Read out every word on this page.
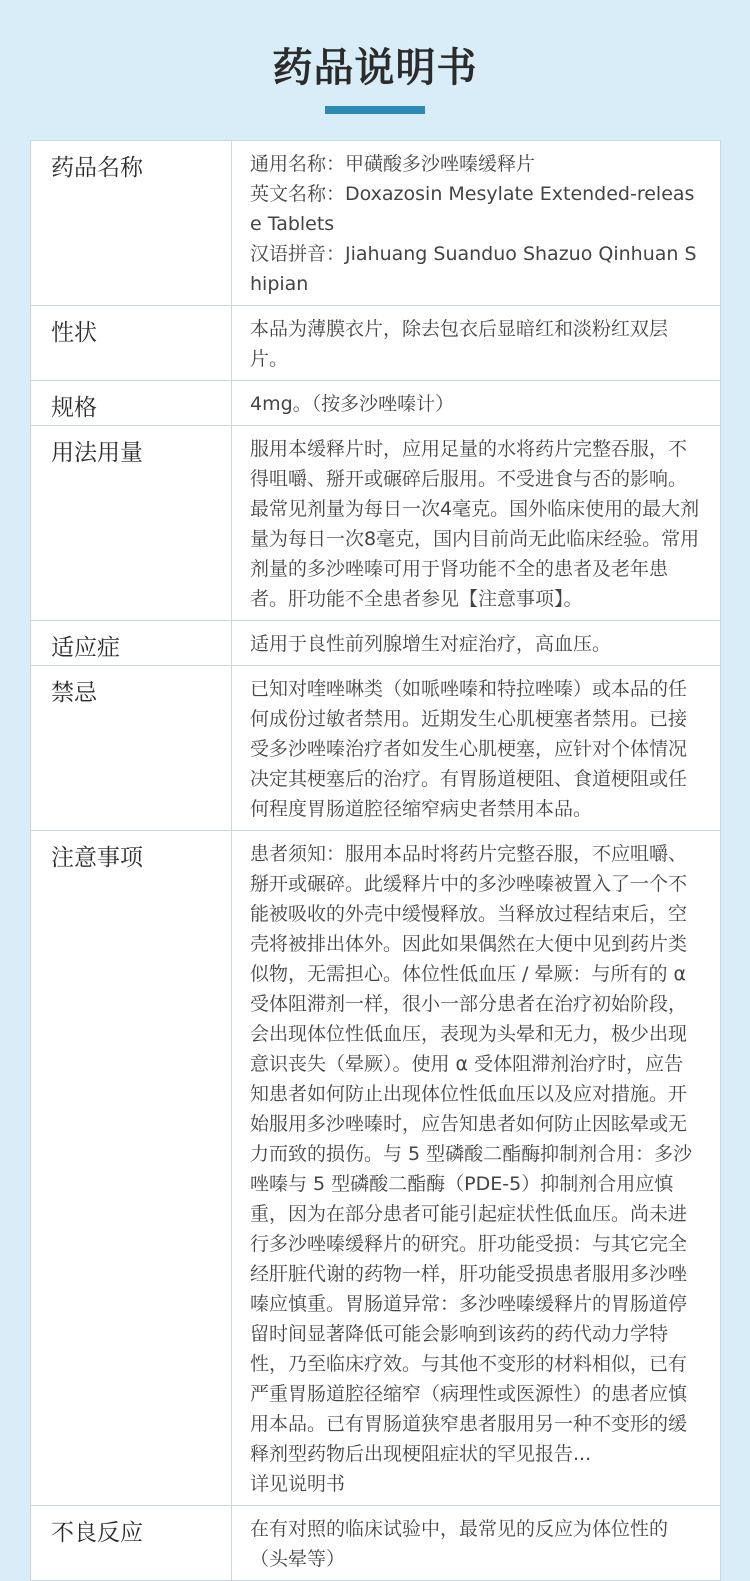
药品说明书
药品名称	通用名称：甲磺酸多沙唑嗪缓释片
英文名称：Doxazosin Mesylate Extended-release Tablets
汉语拼音：Jiahuang Suanduo Shazuo Qinhuan Shipian

性状	本品为薄膜衣片，除去包衣后显暗红和淡粉红双层片。

规格	4mg。（按多沙唑嗪计）

用法用量	服用本缓释片时，应用足量的水将药片完整吞服，不得咀嚼、掰开或碾碎后服用。不受进食与否的影响。最常见剂量为每日一次4毫克。国外临床使用的最大剂量为每日一次8毫克，国内目前尚无此临床经验。常用剂量的多沙唑嗪可用于肾功能不全的患者及老年患者。肝功能不全患者参见【注意事项】。

适应症	适用于良性前列腺增生对症治疗，高血压。

禁忌	已知对喹唑啉类（如哌唑嗪和特拉唑嗪）或本品的任何成份过敏者禁用。近期发生心肌梗塞者禁用。已接受多沙唑嗪治疗者如发生心肌梗塞，应针对个体情况决定其梗塞后的治疗。有胃肠道梗阻、食道梗阻或任何程度胃肠道腔径缩窄病史者禁用本品。

注意事项	患者须知：服用本品时将药片完整吞服，不应咀嚼、掰开或碾碎。此缓释片中的多沙唑嗪被置入了一个不能被吸收的外壳中缓慢释放。当释放过程结束后，空壳将被排出体外。因此如果偶然在大便中见到药片类似物，无需担心。体位性低血压 / 晕厥：与所有的 α 受体阻滞剂一样，很小一部分患者在治疗初始阶段，会出现体位性低血压，表现为头晕和无力，极少出现意识丧失（晕厥）。使用 α 受体阻滞剂治疗时，应告知患者如何防止出现体位性低血压以及应对措施。开始服用多沙唑嗪时，应告知患者如何防止因眩晕或无力而致的损伤。与 5 型磷酸二酯酶抑制剂合用：多沙唑嗪与 5 型磷酸二酯酶（PDE-5）抑制剂合用应慎重，因为在部分患者可能引起症状性低血压。尚未进行多沙唑嗪缓释片的研究。肝功能受损：与其它完全经肝脏代谢的药物一样，肝功能受损患者服用多沙唑嗪应慎重。胃肠道异常：多沙唑嗪缓释片的胃肠道停留时间显著降低可能会影响到该药的药代动力学特性，乃至临床疗效。与其他不变形的材料相似，已有严重胃肠道腔径缩窄（病理性或医源性）的患者应慎用本品。已有胃肠道狭窄患者服用另一种不变形的缓释剂型药物后出现梗阻症状的罕见报告...
详见说明书

不良反应	在有对照的临床试验中，最常见的反应为体位性的（头晕等）
